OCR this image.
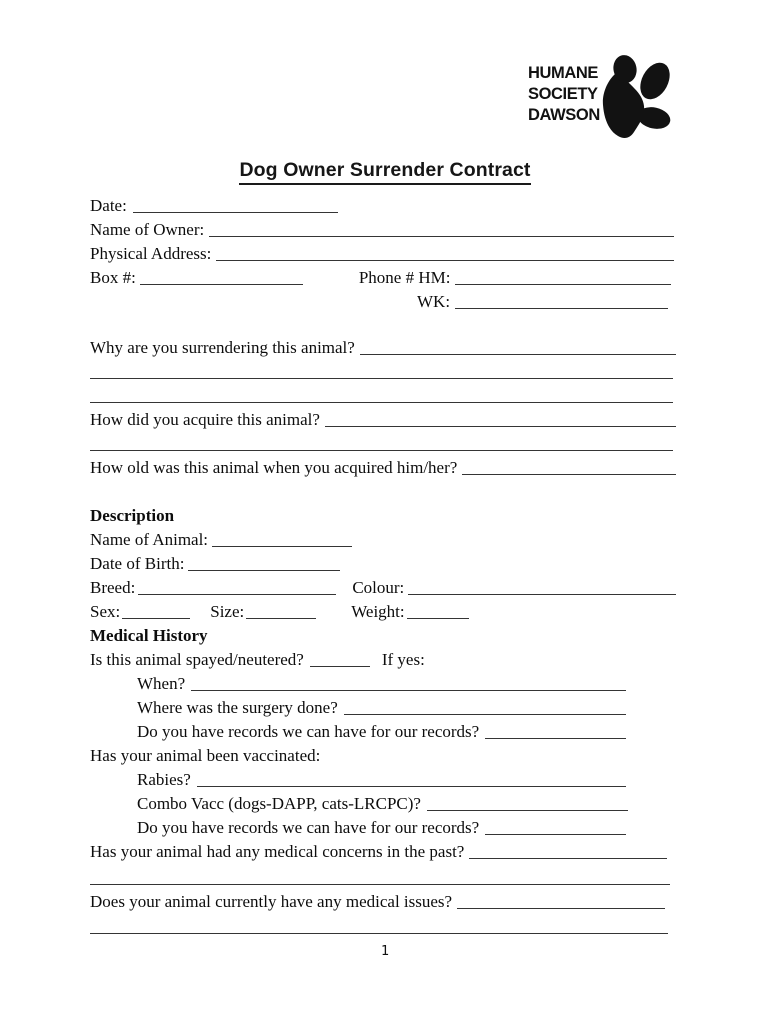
HUMANE
SOCIETY
DAWSON
Dog Owner Surrender Contract
Date:
Name of Owner:
Physical Address:
Box #:	Phone # HM:
WK:
Why are you surrendering this animal?
How did you acquire this animal?
How old was this animal when you acquired him/her?
Description
Name of Animal:
Date of Birth:
Breed:	Colour:
Sex:	Size:	Weight:
Medical History
Is this animal spayed/neutered?	If yes:
When?
Where was the surgery done?
Do you have records we can have for our records?
Has your animal been vaccinated:
Rabies?
Combo Vacc (dogs-DAPP, cats-LRCPC)?
Do you have records we can have for our records?
Has your animal had any medical concerns in the past?
Does your animal currently have any medical issues?
1
